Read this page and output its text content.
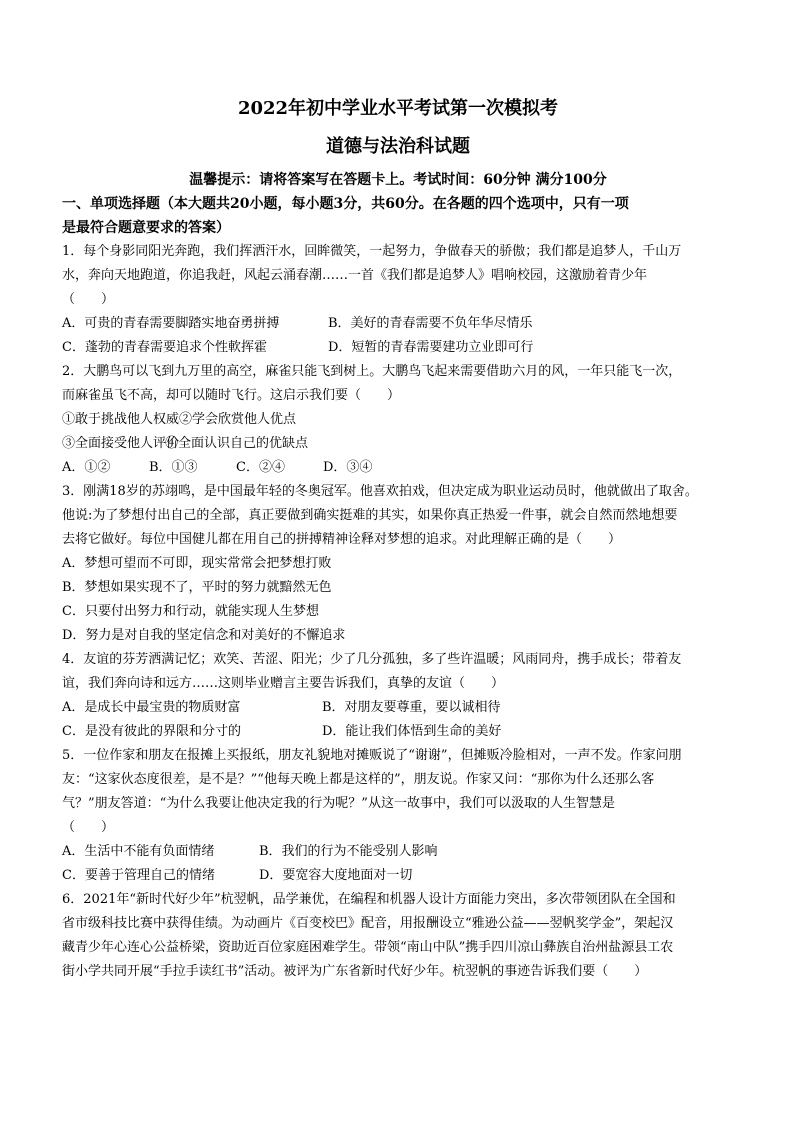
2022年初中学业水平考试第一次模拟考
道德与法治科试题
温馨提示：请将答案写在答题卡上。考试时间：60分钟 满分100分
一、单项选择题（本大题共20小题，每小题3分，共60分。在各题的四个选项中，只有一项
是最符合题意要求的答案）
1．每个身影同阳光奔跑，我们挥洒汗水，回眸微笑，一起努力，争做春天的骄傲；我们都是追梦人，千山万
水，奔向天地跑道，你追我赶，风起云涌春潮……一首《我们都是追梦人》唱响校园，这激励着青少年
（　　）
A．可贵的青春需要脚踏实地奋勇拼搏	B．美好的青春需要不负年华尽情乐
C．蓬勃的青春需要追求个性軟挥霍	D．短暂的青春需要建功立业即可行
2．大鹏鸟可以飞到九万里的高空，麻雀只能飞到树上。大鹏鸟飞起来需要借助六月的风，一年只能飞一次，
而麻雀虽飞不高，却可以随时飞行。这启示我们要（　　）
①敢于挑战他人权威 ②学会欣赏他人优点
③全面接受他人评价
④全面认识自己的优缺点
A．①②	B．①③	C．②④	D．③④
3．刚满18岁的苏翊鸣，是中国最年轻的冬奥冠军。他喜欢拍戏，但决定成为职业运动员时，他就做出了取舍。
他说:为了梦想付出自己的全部，真正要做到确实挺难的其实，如果你真正热爱一件事，就会自然而然地想要
去将它做好。每位中国健儿都在用自己的拼搏精神诠释对梦想的追求。对此理解正确的是（　　）
A．梦想可望而不可即，现实常常会把梦想打败
B．梦想如果实现不了，平时的努力就黯然无色
C．只要付出努力和行动，就能实现人生梦想
D．努力是对自我的坚定信念和对美好的不懈追求
4．友谊的芬芳洒满记忆；欢笑、苦涩、阳光；少了几分孤独，多了些许温暖；风雨同舟，携手成长；带着友
谊，我们奔向诗和远方……这则毕业赠言主要告诉我们，真挚的友谊（　　）
A．是成长中最宝贵的物质财富	B．对朋友要尊重，要以诚相待
C．是没有彼此的界限和分寸的	D．能让我们体悟到生命的美好
5．一位作家和朋友在报摊上买报纸，朋友礼貌地对摊贩说了“谢谢”，但摊贩冷脸相对，一声不发。作家问朋
友：“这家伙态度很差，是不是？”“他每天晚上都是这样的”，朋友说。作家又问：“那你为什么还那么客
气？”朋友答道：“为什么我要让他决定我的行为呢？”从这一故事中，我们可以汲取的人生智慧是
（　　）
A．生活中不能有负面情绪	B．我们的行为不能受别人影响
C．要善于管理自己的情绪	D．要宽容大度地面对一切
6．2021年“新时代好少年”杭翌帆，品学兼优，在编程和机器人设计方面能力突出，多次带领团队在全国和
省市级科技比赛中获得佳绩。为动画片《百变校巴》配音，用报酬设立“雅逊公益——翌帆奖学金”，架起汉
藏青少年心连心公益桥梁，资助近百位家庭困难学生。带领“南山中队”携手四川凉山彝族自治州盐源县工农
街小学共同开展“手拉手读红书”活动。被评为广东省新时代好少年。杭翌帆的事迹告诉我们要（　　）
